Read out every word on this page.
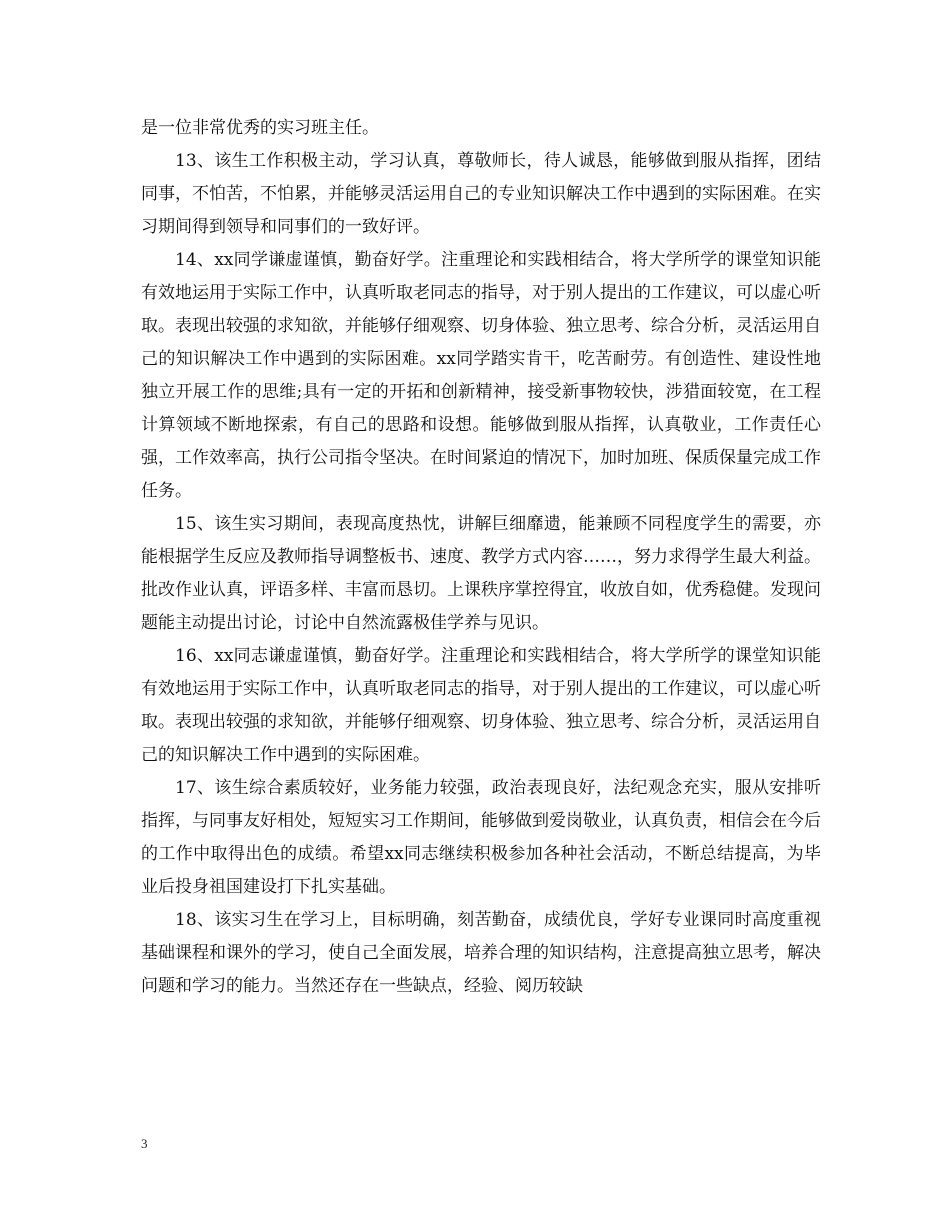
是一位非常优秀的实习班主任。

13、该生工作积极主动，学习认真，尊敬师长，待人诚恳，能够做到服从指挥，团结同事，不怕苦，不怕累，并能够灵活运用自己的专业知识解决工作中遇到的实际困难。在实习期间得到领导和同事们的一致好评。

14、xx同学谦虚谨慎，勤奋好学。注重理论和实践相结合，将大学所学的课堂知识能有效地运用于实际工作中，认真听取老同志的指导，对于别人提出的工作建议，可以虚心听取。表现出较强的求知欲，并能够仔细观察、切身体验、独立思考、综合分析，灵活运用自己的知识解决工作中遇到的实际困难。xx同学踏实肯干，吃苦耐劳。有创造性、建设性地独立开展工作的思维;具有一定的开拓和创新精神，接受新事物较快，涉猎面较宽，在工程计算领域不断地探索，有自己的思路和设想。能够做到服从指挥，认真敬业，工作责任心强，工作效率高，执行公司指令坚决。在时间紧迫的情况下，加时加班、保质保量完成工作任务。

15、该生实习期间，表现高度热忱，讲解巨细靡遗，能兼顾不同程度学生的需要，亦能根据学生反应及教师指导调整板书、速度、教学方式内容……，努力求得学生最大利益。批改作业认真，评语多样、丰富而恳切。上课秩序掌控得宜，收放自如，优秀稳健。发现问题能主动提出讨论，讨论中自然流露极佳学养与见识。

16、xx同志谦虚谨慎，勤奋好学。注重理论和实践相结合，将大学所学的课堂知识能有效地运用于实际工作中，认真听取老同志的指导，对于别人提出的工作建议，可以虚心听取。表现出较强的求知欲，并能够仔细观察、切身体验、独立思考、综合分析，灵活运用自己的知识解决工作中遇到的实际困难。

17、该生综合素质较好，业务能力较强，政治表现良好，法纪观念充实，服从安排听指挥，与同事友好相处，短短实习工作期间，能够做到爱岗敬业，认真负责，相信会在今后的工作中取得出色的成绩。希望xx同志继续积极参加各种社会活动，不断总结提高，为毕业后投身祖国建设打下扎实基础。

18、该实习生在学习上，目标明确，刻苦勤奋，成绩优良，学好专业课同时高度重视基础课程和课外的学习，使自己全面发展，培养合理的知识结构，注意提高独立思考，解决问题和学习的能力。当然还存在一些缺点，经验、阅历较缺

3
